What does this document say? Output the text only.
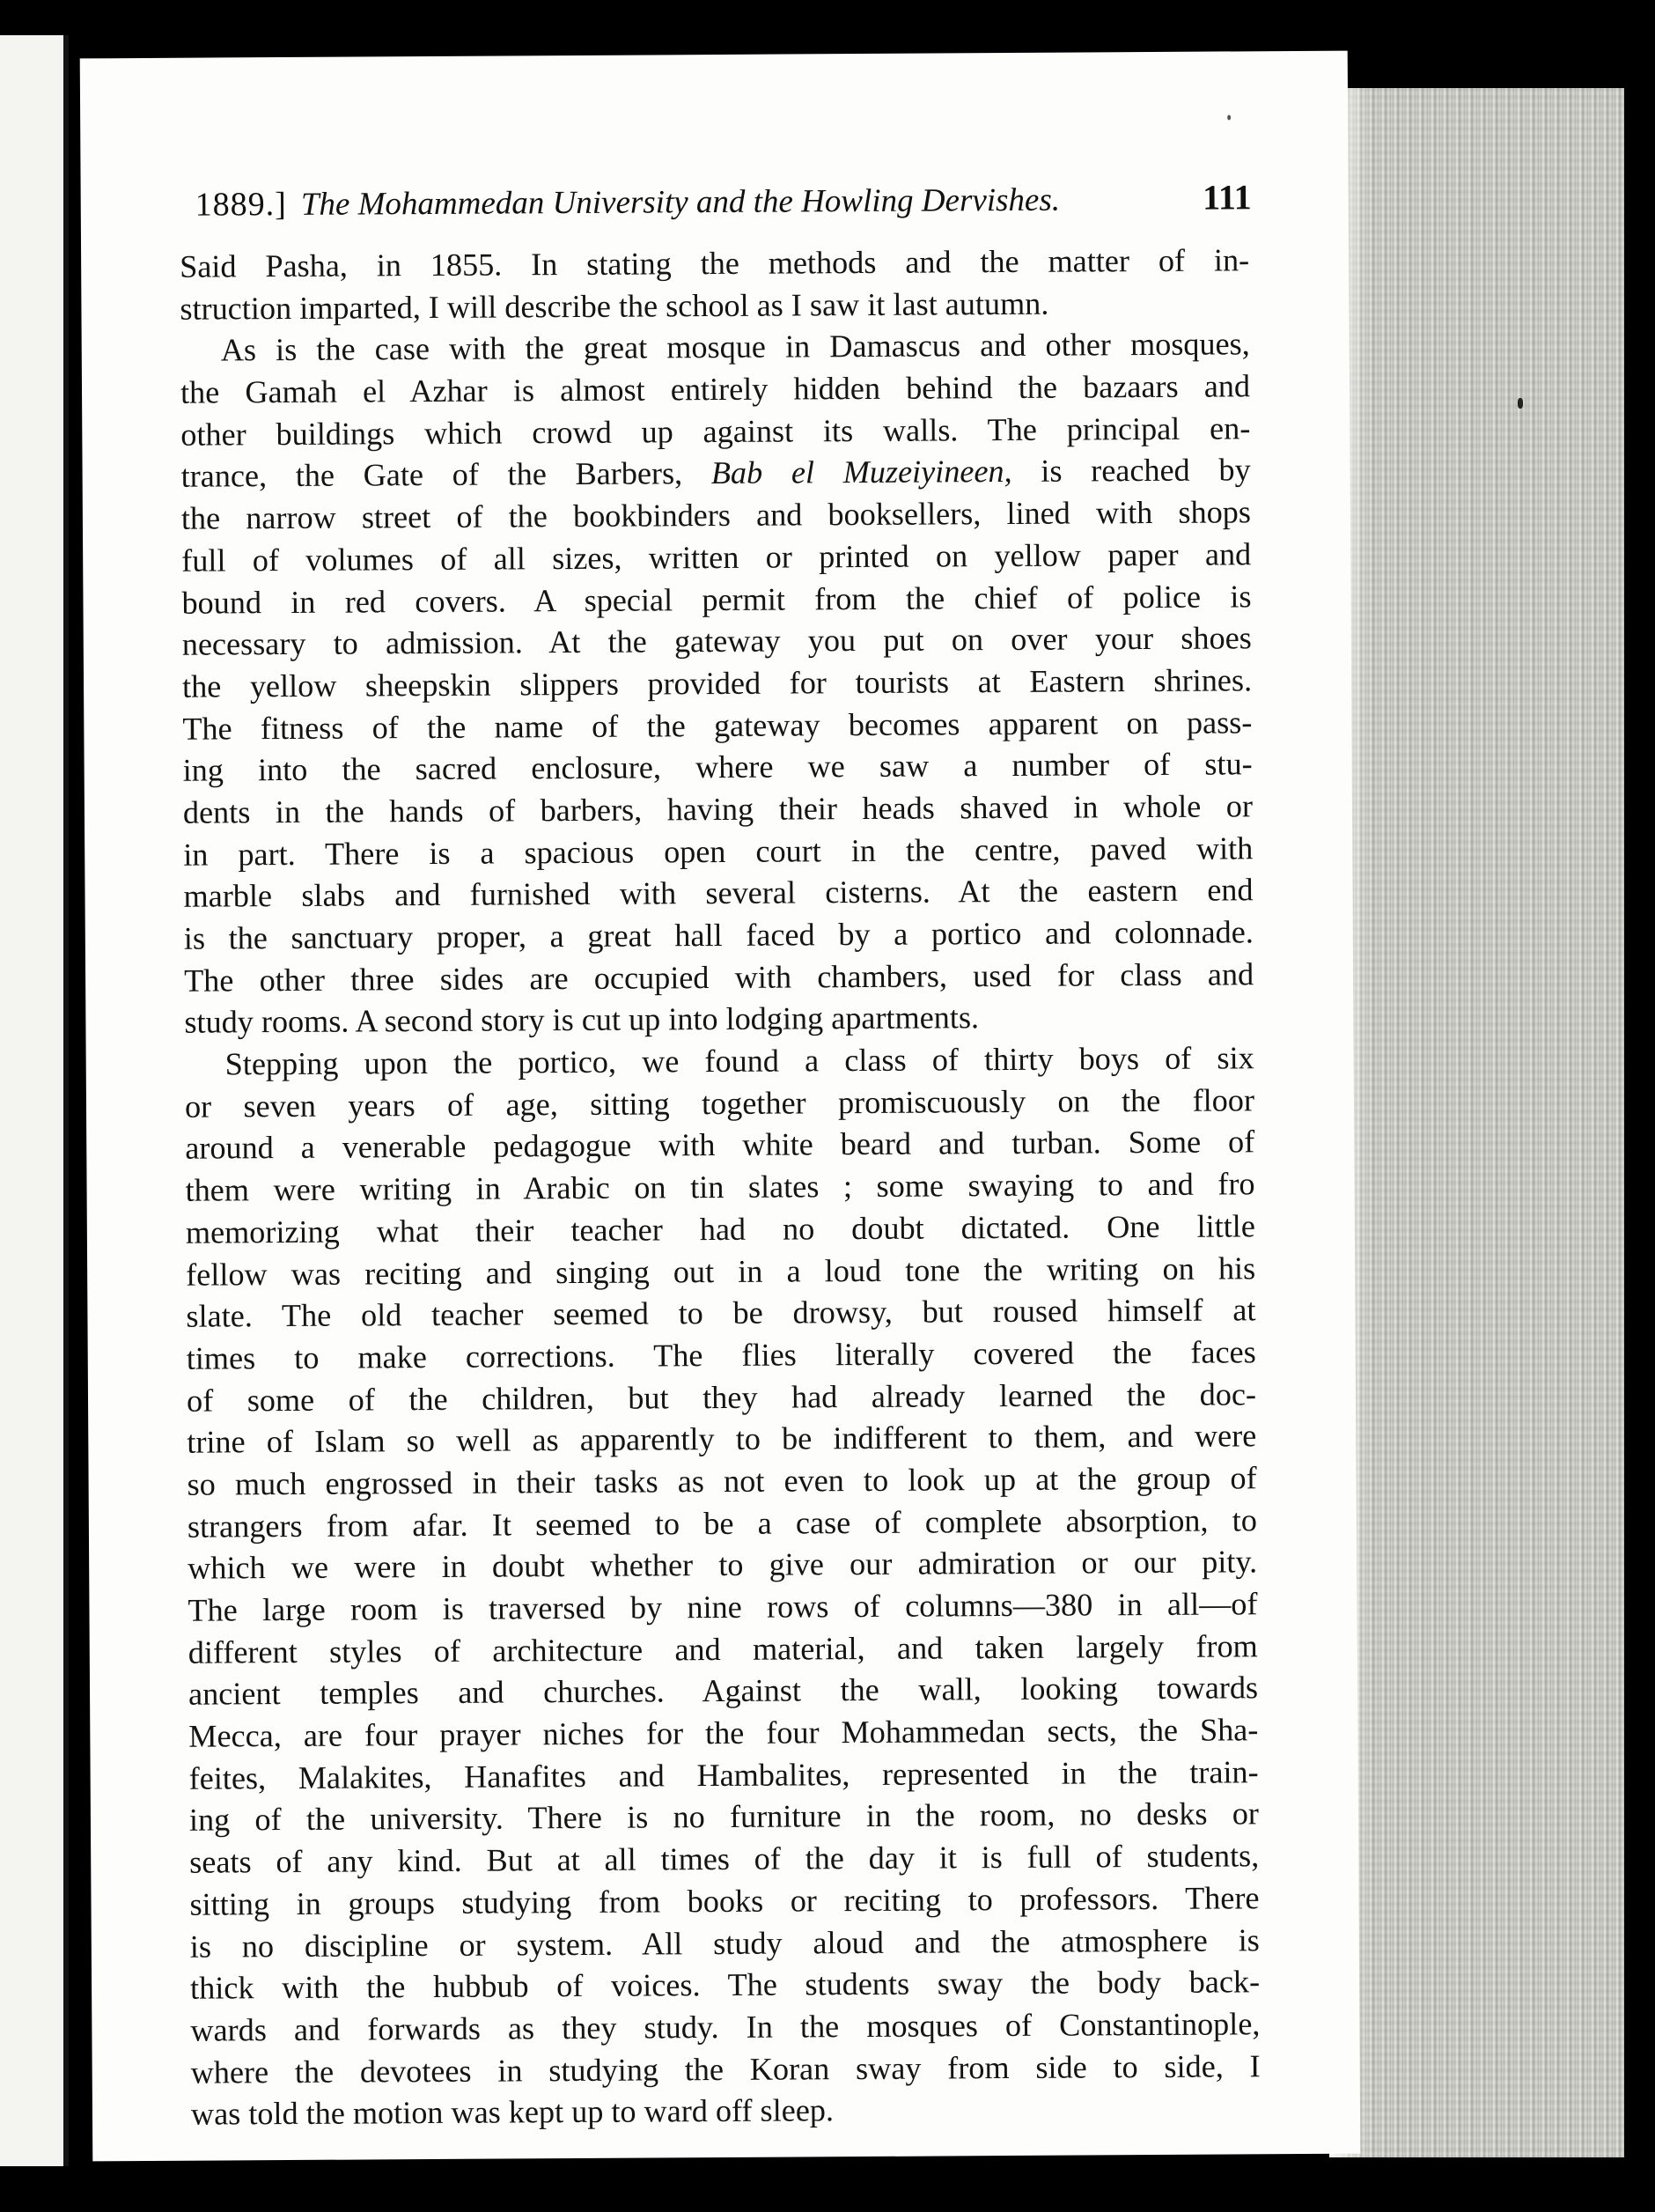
1889.] The Mohammedan University and the Howling Dervishes.	111
Said Pasha, in 1855. In stating the methods and the matter of in-
struction imparted, I will describe the school as I saw it last autumn.
As is the case with the great mosque in Damascus and other mosques,
the Gamah el Azhar is almost entirely hidden behind the bazaars and
other buildings which crowd up against its walls. The principal en-
trance, the Gate of the Barbers, Bab el Muzeiyineen, is reached by
the narrow street of the bookbinders and booksellers, lined with shops
full of volumes of all sizes, written or printed on yellow paper and
bound in red covers. A special permit from the chief of police is
necessary to admission. At the gateway you put on over your shoes
the yellow sheepskin slippers provided for tourists at Eastern shrines.
The fitness of the name of the gateway becomes apparent on pass-
ing into the sacred enclosure, where we saw a number of stu-
dents in the hands of barbers, having their heads shaved in whole or
in part. There is a spacious open court in the centre, paved with
marble slabs and furnished with several cisterns. At the eastern end
is the sanctuary proper, a great hall faced by a portico and colonnade.
The other three sides are occupied with chambers, used for class and
study rooms. A second story is cut up into lodging apartments.
Stepping upon the portico, we found a class of thirty boys of six
or seven years of age, sitting together promiscuously on the floor
around a venerable pedagogue with white beard and turban. Some of
them were writing in Arabic on tin slates ; some swaying to and fro
memorizing what their teacher had no doubt dictated. One little
fellow was reciting and singing out in a loud tone the writing on his
slate. The old teacher seemed to be drowsy, but roused himself at
times to make corrections. The flies literally covered the faces
of some of the children, but they had already learned the doc-
trine of Islam so well as apparently to be indifferent to them, and were
so much engrossed in their tasks as not even to look up at the group of
strangers from afar. It seemed to be a case of complete absorption, to
which we were in doubt whether to give our admiration or our pity.
The large room is traversed by nine rows of columns—380 in all—of
different styles of architecture and material, and taken largely from
ancient temples and churches. Against the wall, looking towards
Mecca, are four prayer niches for the four Mohammedan sects, the Sha-
feites, Malakites, Hanafites and Hambalites, represented in the train-
ing of the university. There is no furniture in the room, no desks or
seats of any kind. But at all times of the day it is full of students,
sitting in groups studying from books or reciting to professors. There
is no discipline or system. All study aloud and the atmosphere is
thick with the hubbub of voices. The students sway the body back-
wards and forwards as they study. In the mosques of Constantinople,
where the devotees in studying the Koran sway from side to side, I
was told the motion was kept up to ward off sleep.
